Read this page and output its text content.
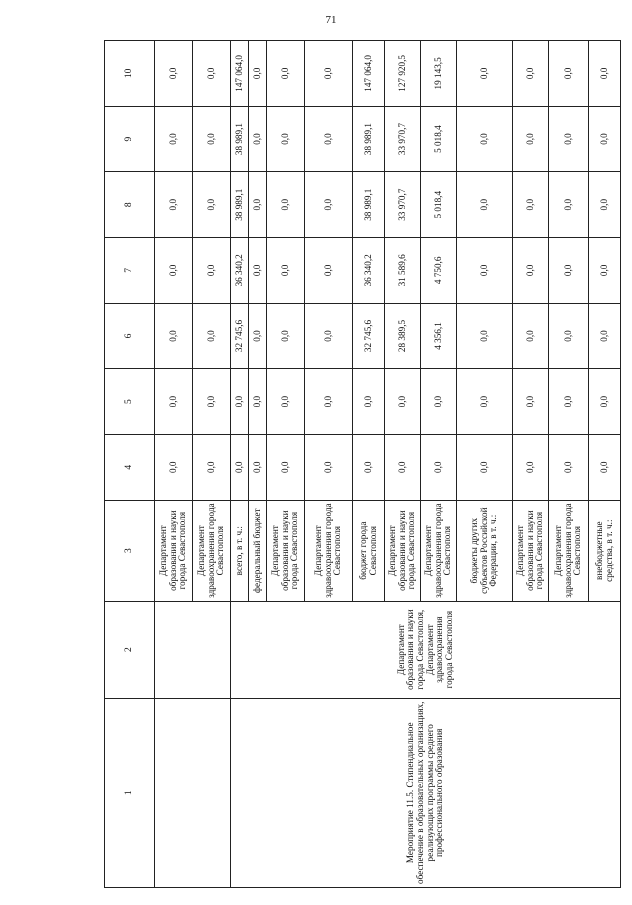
71
1	2	3	4	5	6	7	8	9	10
		Департамент образования и науки города Севастополя	0,0	0,0	0,0	0,0	0,0	0,0	0,0
		Департамент здравоохранения города Севастополя	0,0	0,0	0,0	0,0	0,0	0,0	0,0
Мероприятие 11.5. Стипендиальное обеспечение в образовательных организациях, реализующих программы среднего профессионального образования	Департамент образования и науки города Севастополя, Департамент здравоохранения города Севастополя	всего, в т. ч.:	0,0	0,0	32 745,6	36 340,2	38 989,1	38 989,1	147 064,0
		федеральный бюджет	0,0	0,0	0,0	0,0	0,0	0,0	0,0
		Департамент образования и науки города Севастополя	0,0	0,0	0,0	0,0	0,0	0,0	0,0
		Департамент здравоохранения города Севастополя	0,0	0,0	0,0	0,0	0,0	0,0	0,0
		бюджет города Севастополя	0,0	0,0	32 745,6	36 340,2	38 989,1	38 989,1	147 064,0
		Департамент образования и науки города Севастополя	0,0	0,0	28 389,5	31 589,6	33 970,7	33 970,7	127 920,5
		Департамент здравоохранения города Севастополя	0,0	0,0	4 356,1	4 750,6	5 018,4	5 018,4	19 143,5
		бюджеты других субъектов Российской Федерации, в т. ч.:	0,0	0,0	0,0	0,0	0,0	0,0	0,0
		Департамент образования и науки города Севастополя	0,0	0,0	0,0	0,0	0,0	0,0	0,0
		Департамент здравоохранения города Севастополя	0,0	0,0	0,0	0,0	0,0	0,0	0,0
		внебюджетные средства, в т. ч.:	0,0	0,0	0,0	0,0	0,0	0,0	0,0
